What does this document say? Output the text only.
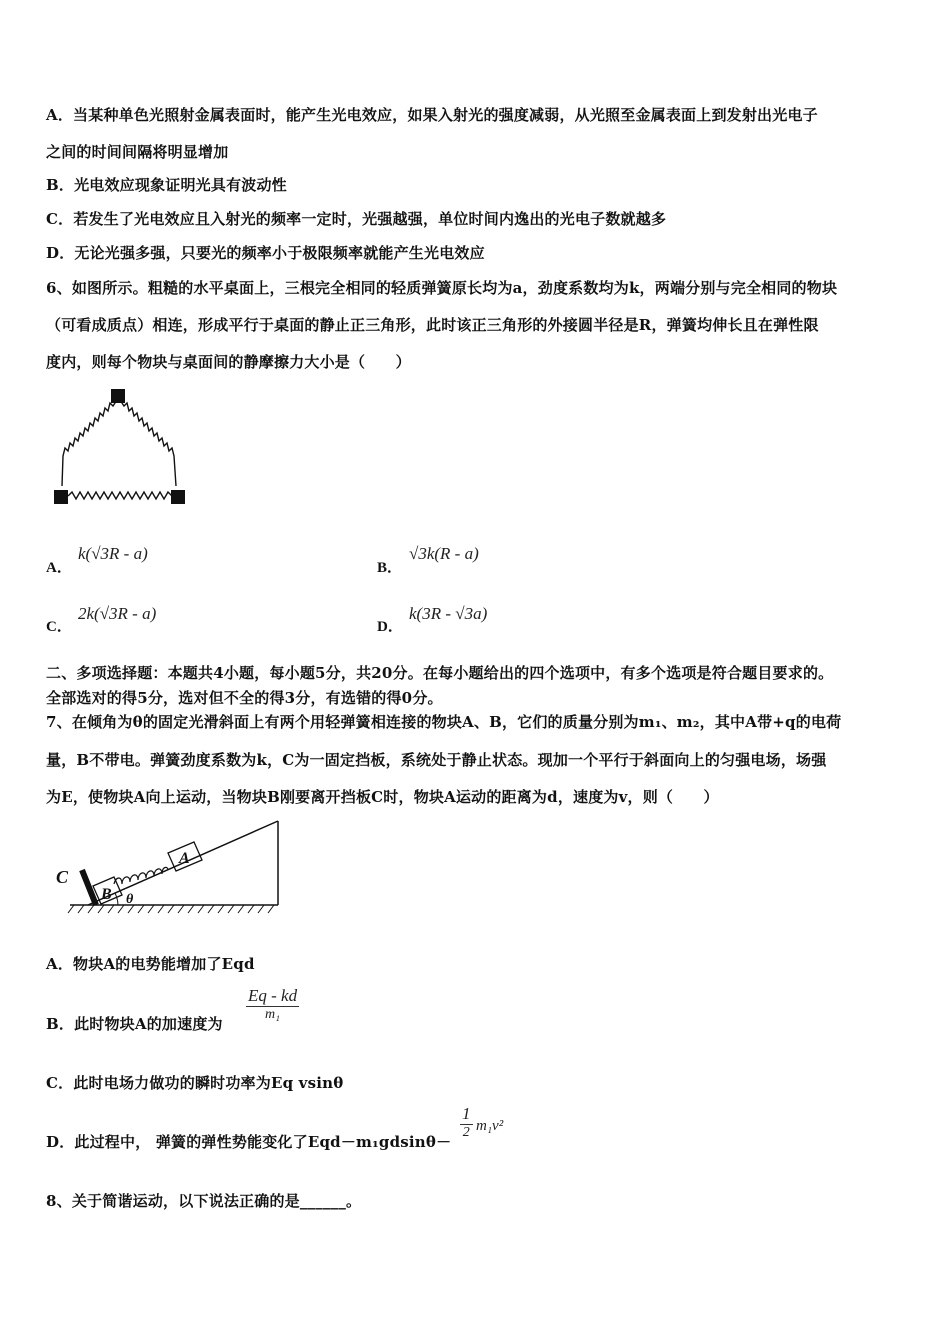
A．当某种单色光照射金属表面时，能产生光电效应，如果入射光的强度减弱，从光照至金属表面上到发射出光电子
之间的时间间隔将明显增加
B．光电效应现象证明光具有波动性
C．若发生了光电效应且入射光的频率一定时，光强越强，单位时间内逸出的光电子数就越多
D．无论光强多强，只要光的频率小于极限频率就能产生光电效应
6、如图所示。粗糙的水平桌面上，三根完全相同的轻质弹簧原长均为a，劲度系数均为k，两端分别与完全相同的物块
（可看成质点）相连，形成平行于桌面的静止正三角形，此时该正三角形的外接圆半径是R，弹簧均伸长且在弹性限
度内，则每个物块与桌面间的静摩擦力大小是（　　）
A．
k(√3R - a)
B．
√3k(R - a)
C．
2k(√3R - a)
D．
k(3R - √3a)
二、多项选择题：本题共4小题，每小题5分，共20分。在每小题给出的四个选项中，有多个选项是符合题目要求的。
全部选对的得5分，选对但不全的得3分，有选错的得0分。
7、在倾角为θ的固定光滑斜面上有两个用轻弹簧相连接的物块A、B，它们的质量分别为m₁、m₂，其中A带+q的电荷
量，B不带电。弹簧劲度系数为k，C为一固定挡板，系统处于静止状态。现加一个平行于斜面向上的匀强电场，场强
为E，使物块A向上运动，当物块B刚要离开挡板C时，物块A运动的距离为d，速度为v，则（　　）
C
B
A
θ
A．物块A的电势能增加了Eqd
B．此时物块A的加速度为
Eq - kd
m₁
C．此时电场力做功的瞬时功率为Eq vsinθ
D．此过程中， 弹簧的弹性势能变化了Eqd－m₁gdsinθ－
1
2 m₁v²
8、关于简谐运动，以下说法正确的是______。
